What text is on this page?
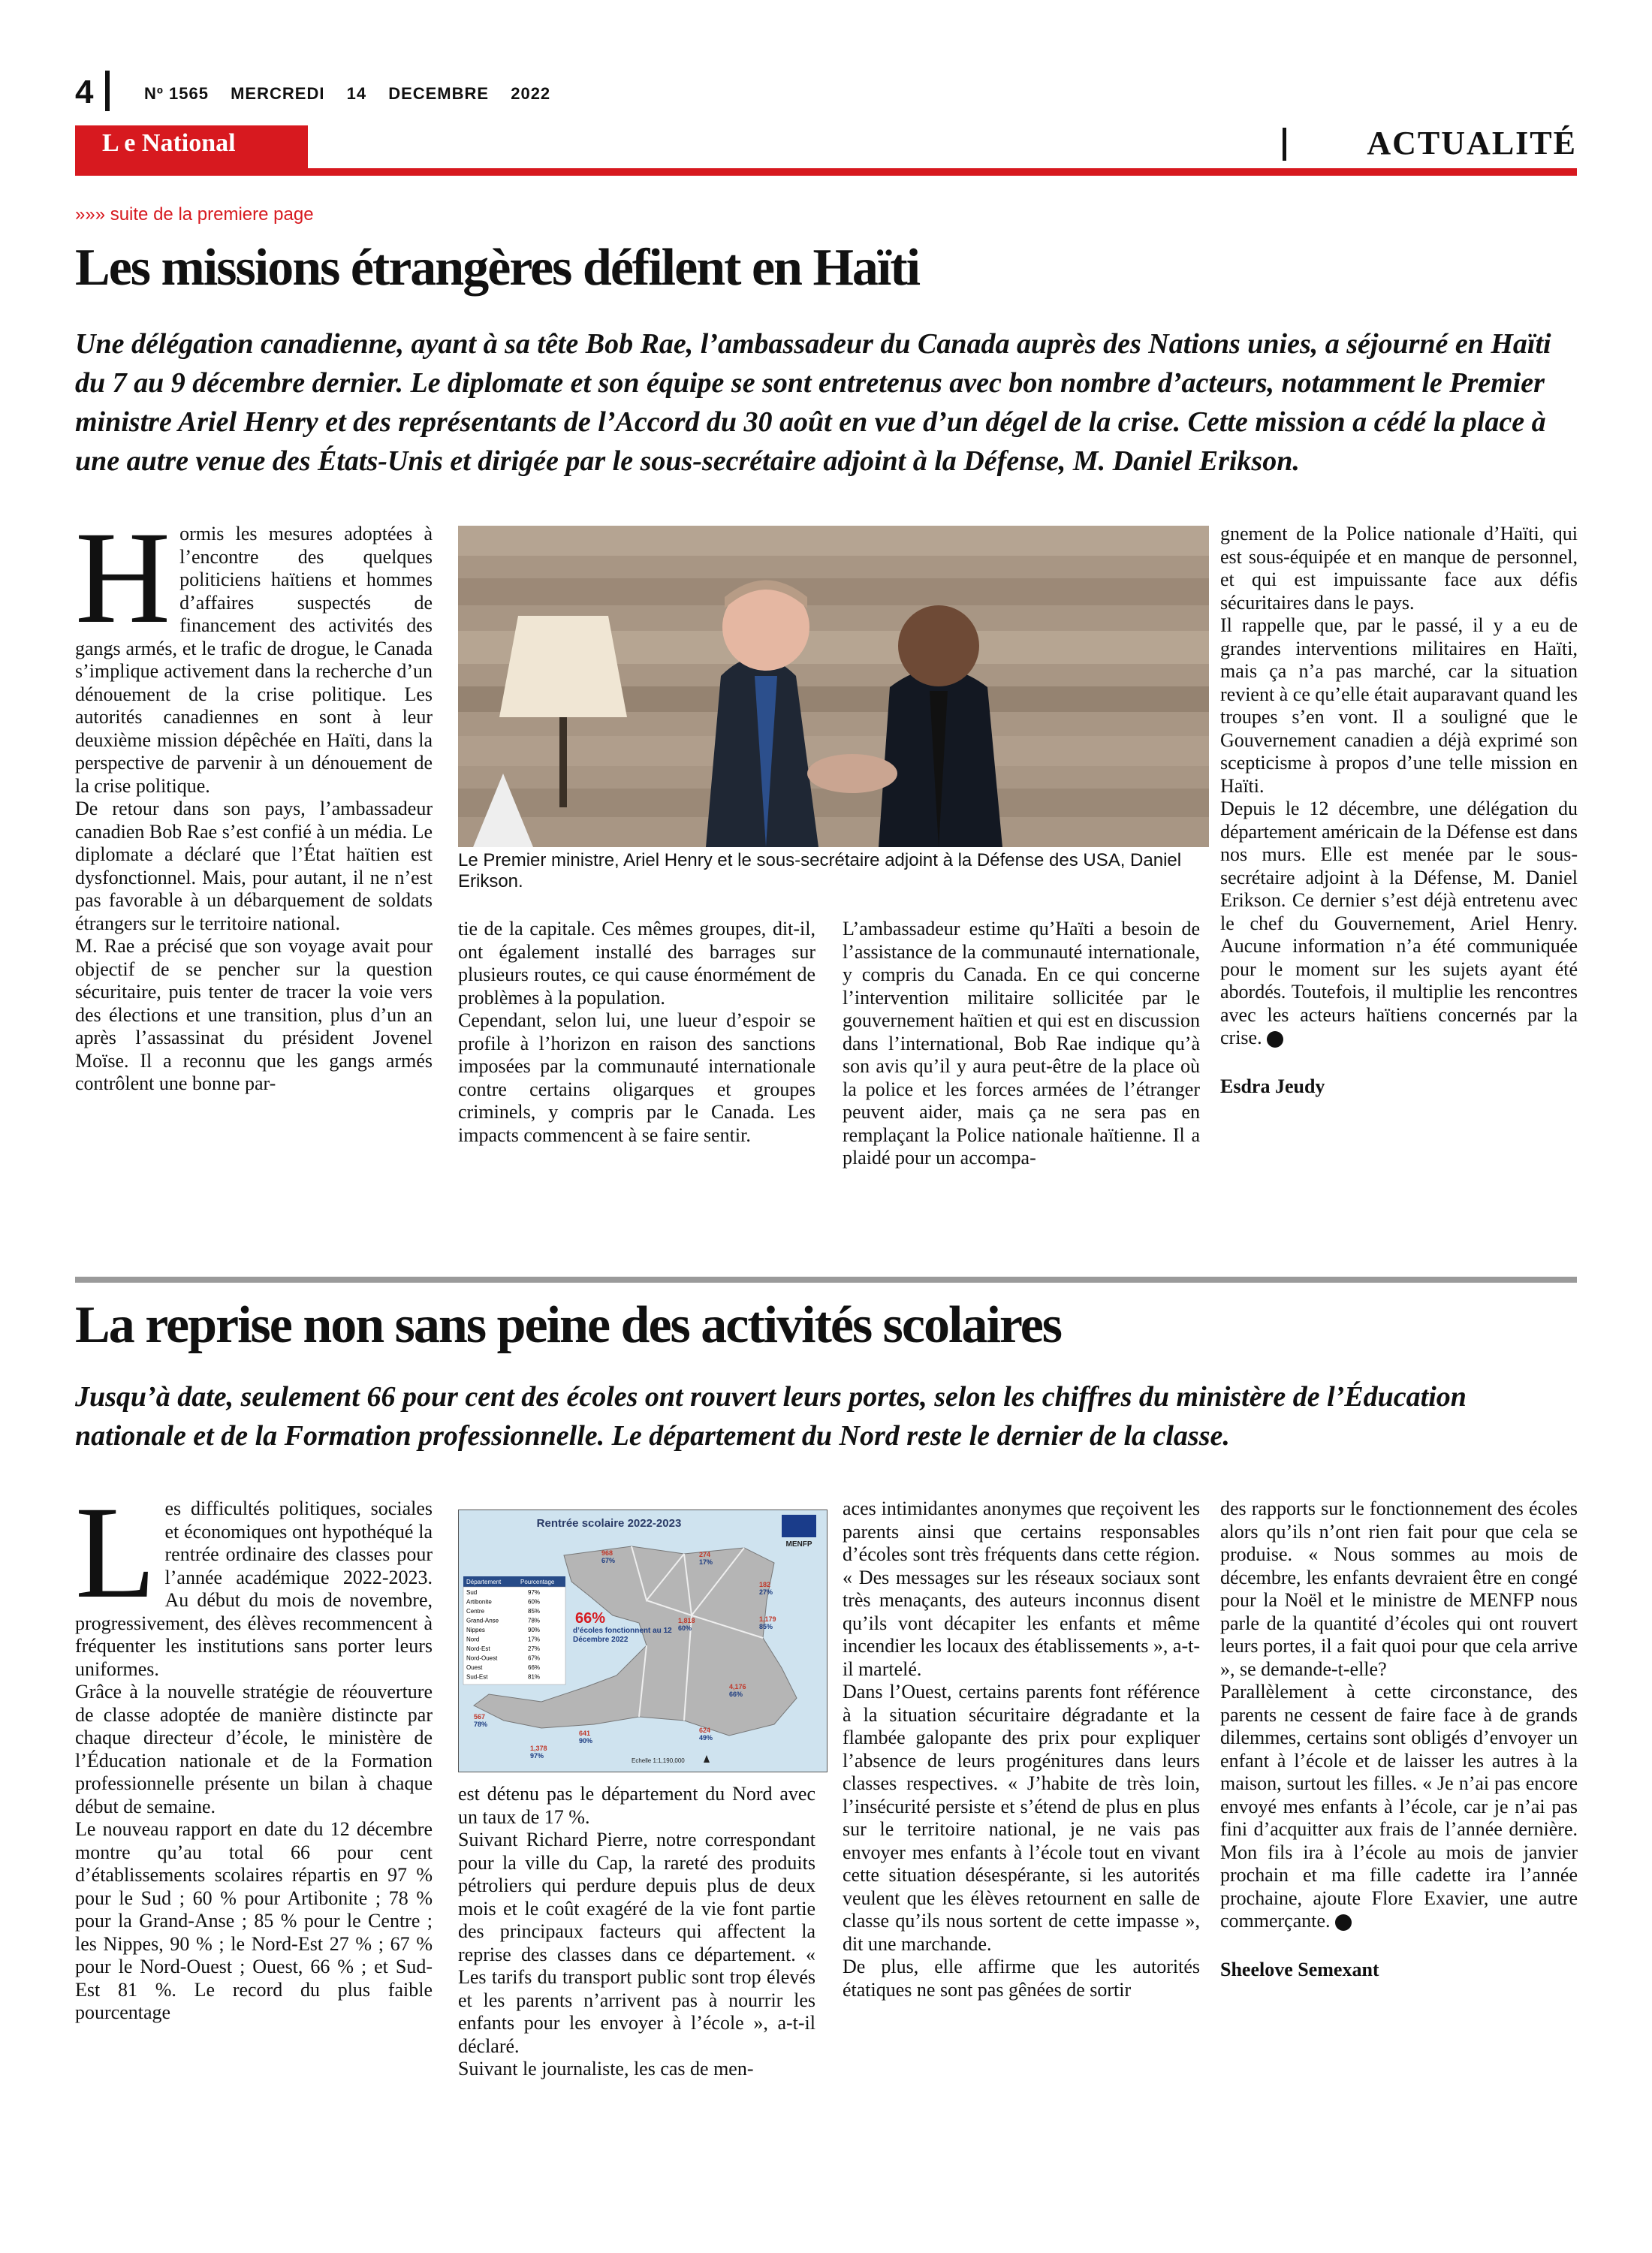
4	Nº 1565 MERCREDI 14 DECEMBRE 2022
L e National	ACTUALITÉ
»»» suite de la premiere page
Les missions étrangères défilent en Haïti
Une délégation canadienne, ayant à sa tête Bob Rae, l’ambassadeur du Canada auprès des Nations unies, a séjourné en Haïti du 7 au 9 décembre dernier. Le diplomate et son équipe se sont entretenus avec bon nombre d’acteurs, notamment le Premier ministre Ariel Henry et des représentants de l’Accord du 30 août en vue d’un dégel de la crise. Cette mission a cédé la place à une autre venue des États-Unis et dirigée par le sous-secrétaire adjoint à la Défense, M. Daniel Erikson.
H ormis les mesures adoptées à l’encontre des quelques politiciens haïtiens et hommes d’affaires suspectés de financement des activités des gangs armés, et le trafic de drogue, le Canada s’implique activement dans la recherche d’un dénouement de la crise politique. Les autorités canadiennes en sont à leur deuxième mission dépêchée en Haïti, dans la perspective de parvenir à un dénouement de la crise politique.

De retour dans son pays, l’ambassadeur canadien Bob Rae s’est confié à un média. Le diplomate a déclaré que l’État haïtien est dysfonctionnel. Mais, pour autant, il ne n’est pas favorable à un débarquement de soldats étrangers sur le territoire national.

M. Rae a précisé que son voyage avait pour objectif de se pencher sur la question sécuritaire, puis tenter de tracer la voie vers des élections et une transition, plus d’un an après l’assassinat du président Jovenel Moïse. Il a reconnu que les gangs armés contrôlent une bonne par-

Le Premier ministre, Ariel Henry et le sous-secrétaire adjoint à la Défense des USA, Daniel Erikson.

tie de la capitale. Ces mêmes groupes, dit-il, ont également installé des barrages sur plusieurs routes, ce qui cause énormément de problèmes à la population.

Cependant, selon lui, une lueur d’espoir se profile à l’horizon en raison des sanctions imposées par la communauté internationale contre certains oligarques et groupes criminels, y compris par le Canada. Les impacts commencent à se faire sentir.

L’ambassadeur estime qu’Haïti a besoin de l’assistance de la communauté internationale, y compris du Canada. En ce qui concerne l’intervention militaire sollicitée par le gouvernement haïtien et qui est en discussion dans l’international, Bob Rae indique qu’à son avis qu’il y aura peut-être de la place où la police et les forces armées de l’étranger peuvent aider, mais ça ne sera pas en remplaçant la Police nationale haïtienne. Il a plaidé pour un accompa-

gnement de la Police nationale d’Haïti, qui est sous-équipée et en manque de personnel, et qui est impuissante face aux défis sécuritaires dans le pays.

Il rappelle que, par le passé, il y a eu de grandes interventions militaires en Haïti, mais ça n’a pas marché, car la situation revient à ce qu’elle était auparavant quand les troupes s’en vont. Il a souligné que le Gouvernement canadien a déjà exprimé son scepticisme à propos d’une telle mission en Haïti.

Depuis le 12 décembre, une délégation du département américain de la Défense est dans nos murs. Elle est menée par le sous-secrétaire adjoint à la Défense, M. Daniel Erikson. Ce dernier s’est déjà entretenu avec le chef du Gouvernement, Ariel Henry. Aucune information n’a été communiquée pour le moment sur les sujets ayant été abordés. Toutefois, il multiplie les rencontres avec les acteurs haïtiens concernés par la crise.

Esdra Jeudy

La reprise non sans peine des activités scolaires
Jusqu’à date, seulement 66 pour cent des écoles ont rouvert leurs portes, selon les chiffres du ministère de l’Éducation nationale et de la Formation professionnelle. Le département du Nord reste le dernier de la classe.
L es difficultés politiques, sociales et économiques ont hypothéqué la rentrée ordinaire des classes pour l’année académique 2022-2023. Au début du mois de novembre, progressivement, des élèves recommencent à fréquenter les institutions sans porter leurs uniformes.

Grâce à la nouvelle stratégie de réouverture de classe adoptée de manière distincte par chaque directeur d’école, le ministère de l’Éducation nationale et de la Formation professionnelle présente un bilan à chaque début de semaine.

Le nouveau rapport en date du 12 décembre montre qu’au total 66 pour cent d’établissements scolaires répartis en 97 % pour le Sud ; 60 % pour Artibonite ; 78 % pour la Grand-Anse ; 85 % pour le Centre ; les Nippes, 90 % ; le Nord-Est 27 % ; 67 % pour le Nord-Ouest ; Ouest, 66 % ; et Sud-Est 81 %. Le record du plus faible pourcentage

Rentrée scolaire 2022-2023
MENFP
Département	Pourcentage
Sud	97%
Artibonite	60%
Centre	85%
Grand-Anse	78%
Nippes	90%
Nord	17%
Nord-Est	27%
Nord-Ouest	67%
Ouest	66%
Sud-Est	81%
66%
d’écoles fonctionnent au 12 Décembre 2022
968
67%
274
17%
182
27%
1,818
60%
1,179
85%
4,176
66%
567
78%
641
90%
1,378
97%
624
49%
Echelle 1:1,190,000

est détenu pas le département du Nord avec un taux de 17 %.

Suivant Richard Pierre, notre correspondant pour la ville du Cap, la rareté des produits pétroliers qui perdure depuis plus de deux mois et le coût exagéré de la vie font partie des principaux facteurs qui affectent la reprise des classes dans ce département. « Les tarifs du transport public sont trop élevés et les parents n’arrivent pas à nourrir les enfants pour les envoyer à l’école », a-t-il déclaré.

Suivant le journaliste, les cas de men-

aces intimidantes anonymes que reçoivent les parents ainsi que certains responsables d’écoles sont très fréquents dans cette région. « Des messages sur les réseaux sociaux sont très menaçants, des auteurs inconnus disent qu’ils vont décapiter les enfants et même incendier les locaux des établissements », a-t-il martelé.

Dans l’Ouest, certains parents font référence à la situation sécuritaire dégradante et la flambée galopante des prix pour expliquer l’absence de leurs progénitures dans leurs classes respectives. « J’habite de très loin, l’insécurité persiste et s’étend de plus en plus sur le territoire national, je ne vais pas envoyer mes enfants à l’école tout en vivant cette situation désespérante, si les autorités veulent que les élèves retournent en salle de classe qu’ils nous sortent de cette impasse », dit une marchande.

De plus, elle affirme que les autorités étatiques ne sont pas gênées de sortir

des rapports sur le fonctionnement des écoles alors qu’ils n’ont rien fait pour que cela se produise. « Nous sommes au mois de décembre, les enfants devraient être en congé pour la Noël et le ministre de MENFP nous parle de la quantité d’écoles qui ont rouvert leurs portes, il a fait quoi pour que cela arrive », se demande-t-elle?

Parallèlement à cette circonstance, des parents ne cessent de faire face à de grands dilemmes, certains sont obligés d’envoyer un enfant à l’école et de laisser les autres à la maison, surtout les filles. « Je n’ai pas encore envoyé mes enfants à l’école, car je n’ai pas fini d’acquitter aux frais de l’année dernière. Mon fils ira à l’école au mois de janvier prochain et ma fille cadette ira l’année prochaine, ajoute Flore Exavier, une autre commerçante.

Sheelove Semexant
